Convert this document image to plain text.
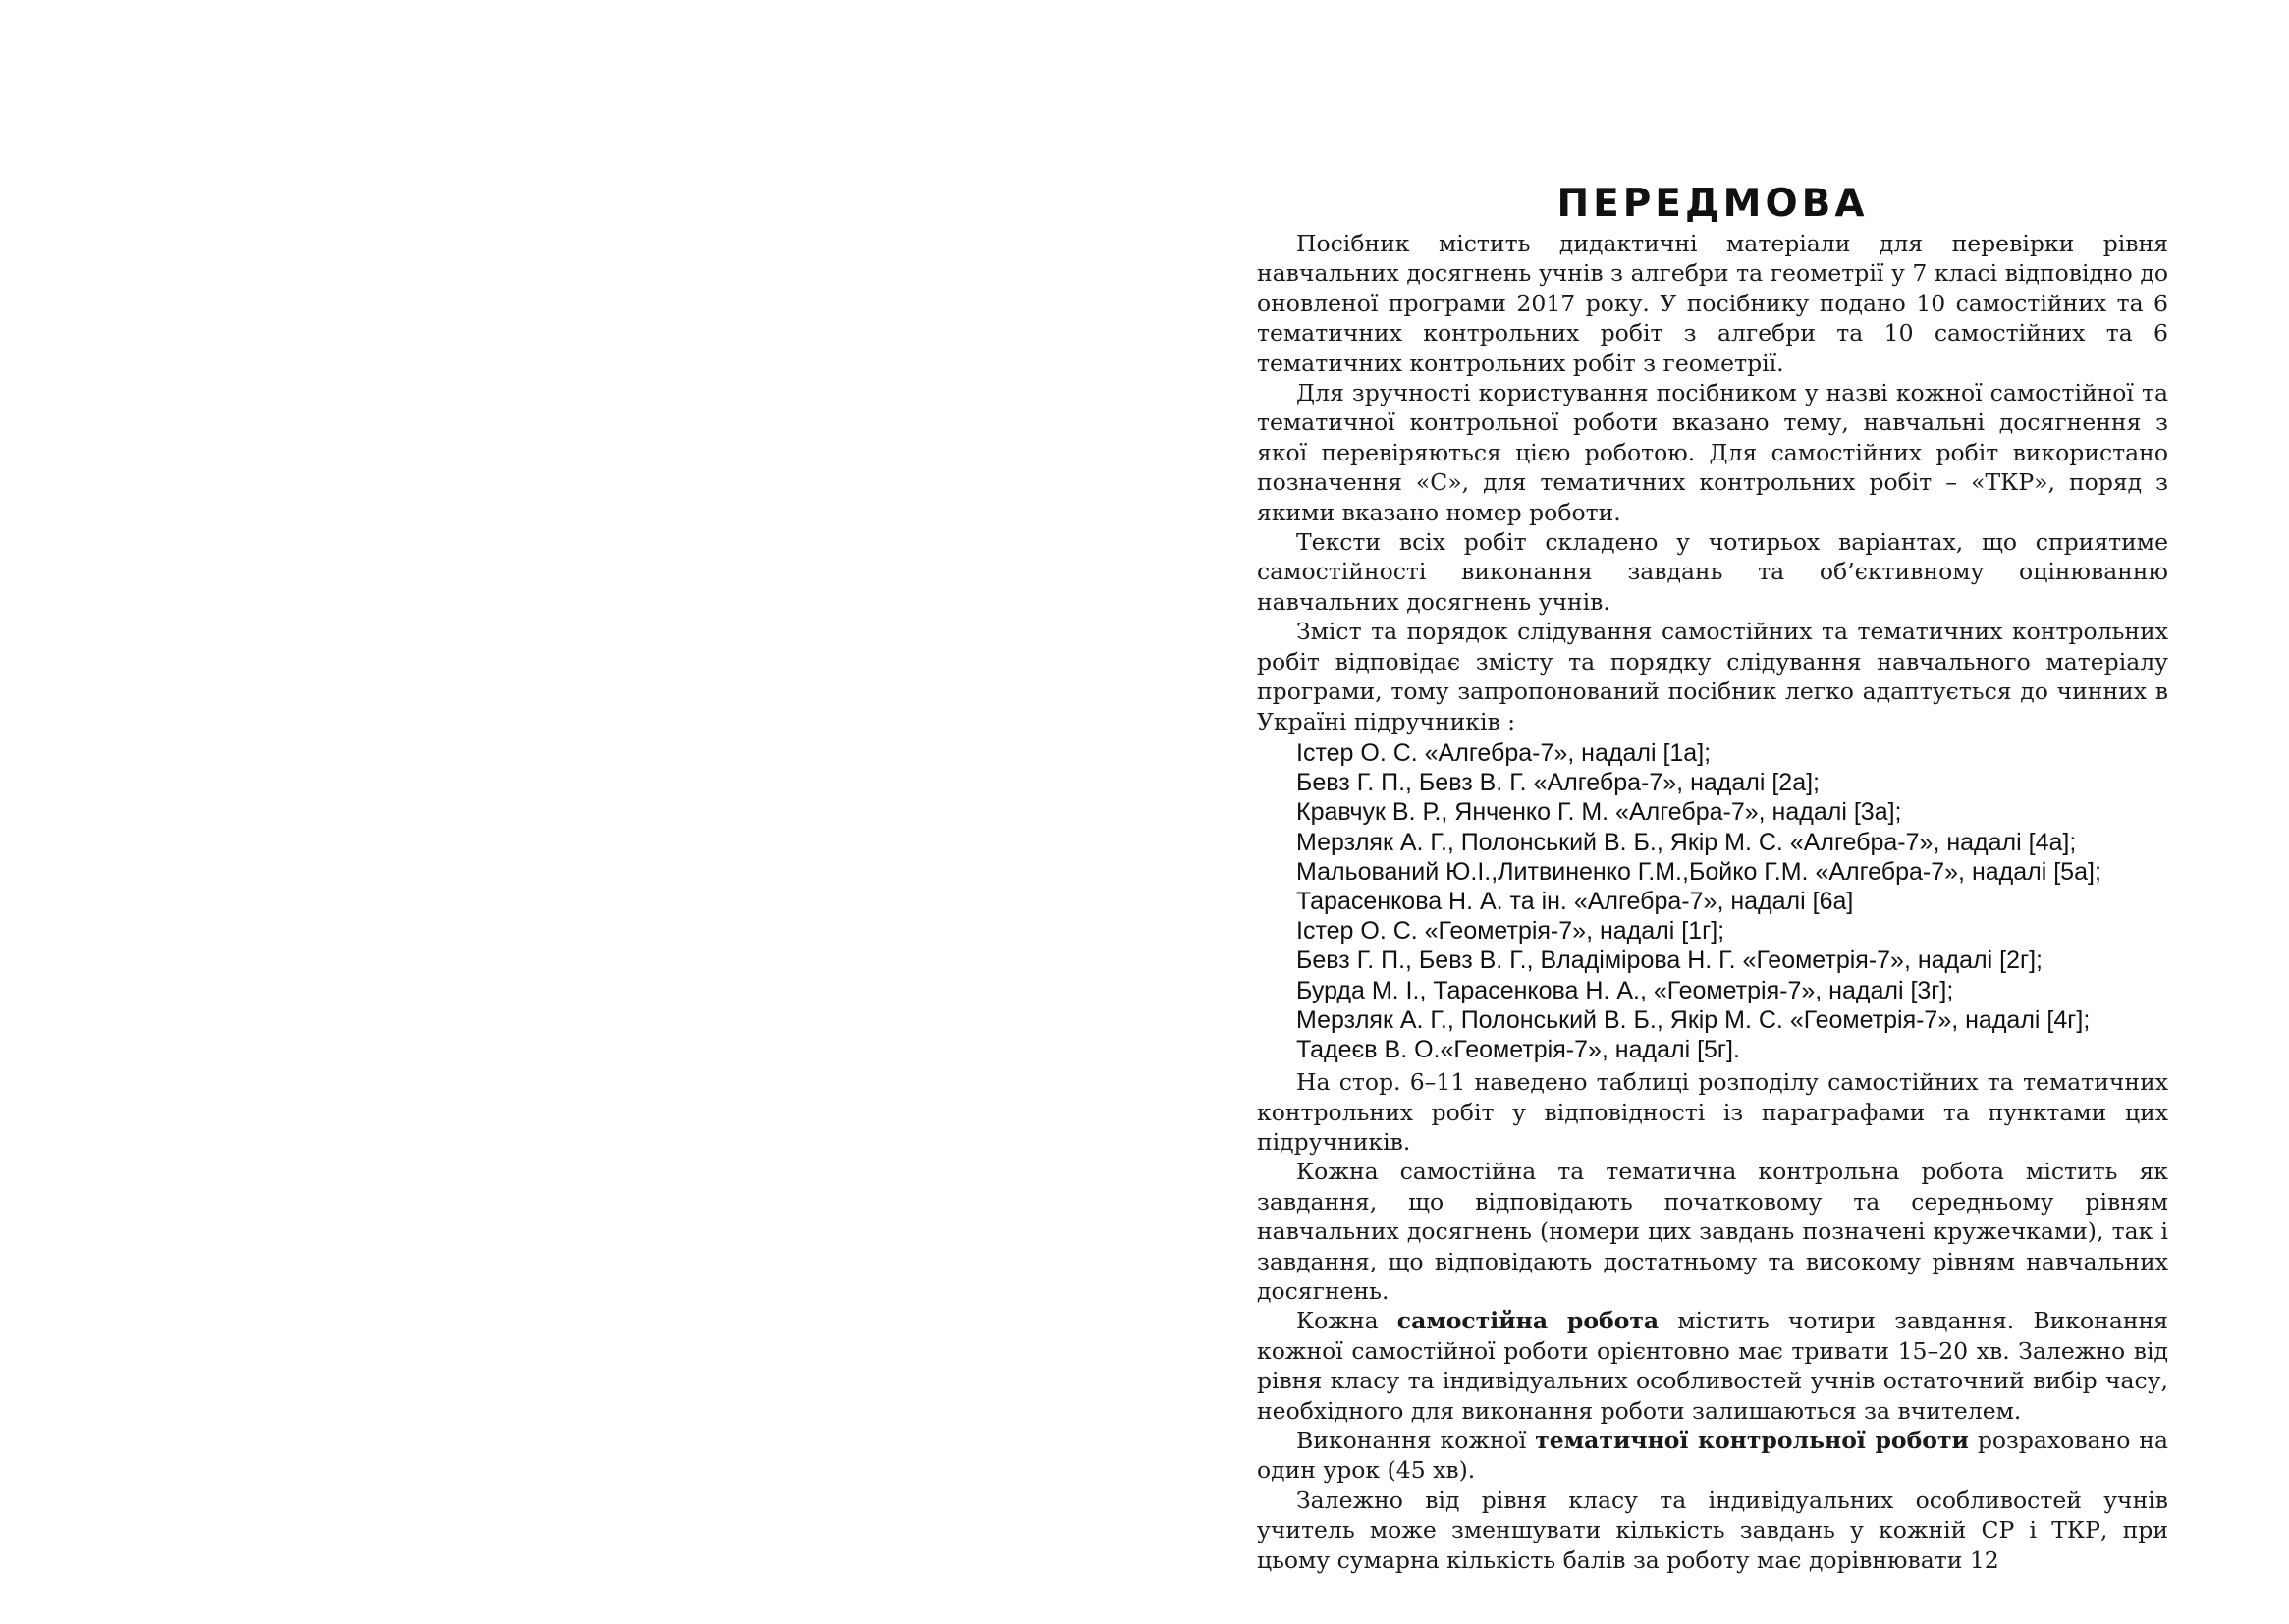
ПЕРЕДМОВА

Посібник містить дидактичні матеріали для перевірки рівня навчальних досягнень учнів з алгебри та геометрії у 7 класі відповідно до оновленої програми 2017 року. У посібнику подано 10 самостійних та 6 тематичних контрольних робіт з алгебри та 10 самостійних та 6 тематичних контрольних робіт з геометрії.

Для зручності користування посібником у назві кожної самостійної та тематичної контрольної роботи вказано тему, навчальні досягнення з якої перевіряються цією роботою. Для самостійних робіт використано позначення «С», для тематичних контрольних робіт – «ТКР», поряд з якими вказано номер роботи.

Тексти всіх робіт складено у чотирьох варіантах, що сприятиме самостійності виконання завдань та об’єктивному оцінюванню навчальних досягнень учнів.

Зміст та порядок слідування самостійних та тематичних контрольних робіт відповідає змісту та порядку слідування навчального матеріалу програми, тому запропонований посібник легко адаптується до чинних в Україні підручників :

Істер О. С. «Алгебра-7», надалі [1а];
Бевз Г. П., Бевз В. Г. «Алгебра-7», надалі [2а];
Кравчук В. Р., Янченко Г. М. «Алгебра-7», надалі [3а];
Мерзляк А. Г., Полонський В. Б., Якір М. С. «Алгебра-7», надалі [4а];
Мальований Ю.І.,Литвиненко Г.М.,Бойко Г.М. «Алгебра-7», надалі [5а];
Тарасенкова Н. А. та ін. «Алгебра-7», надалі [6а]
Істер О. С. «Геометрія-7», надалі [1г];
Бевз Г. П., Бевз В. Г., Владімірова Н. Г. «Геометрія-7», надалі [2г];
Бурда М. І., Тарасенкова Н. А., «Геометрія-7», надалі [3г];
Мерзляк А. Г., Полонський В. Б., Якір М. С. «Геометрія-7», надалі [4г];
Тадеєв В. О.«Геометрія-7», надалі [5г].

На стор. 6–11 наведено таблиці розподілу самостійних та тематичних контрольних робіт у відповідності із параграфами та пунктами цих підручників.

Кожна самостійна та тематична контрольна робота містить як завдання, що відповідають початковому та середньому рівням навчальних досягнень (номери цих завдань позначені кружечками), так і завдання, що відповідають достатньому та високому рівням навчальних досягнень.

Кожна самостійна робота містить чотири завдання. Виконання кожної самостійної роботи орієнтовно має тривати 15–20 хв. Залежно від рівня класу та індивідуальних особливостей учнів остаточний вибір часу, необхідного для виконання роботи залишаються за вчителем.

Виконання кожної тематичної контрольної роботи розраховано на один урок (45 хв).

Залежно від рівня класу та індивідуальних особливостей учнів учитель може зменшувати кількість завдань у кожній СР і ТКР, при цьому сумарна кількість балів за роботу має дорівнювати 12
